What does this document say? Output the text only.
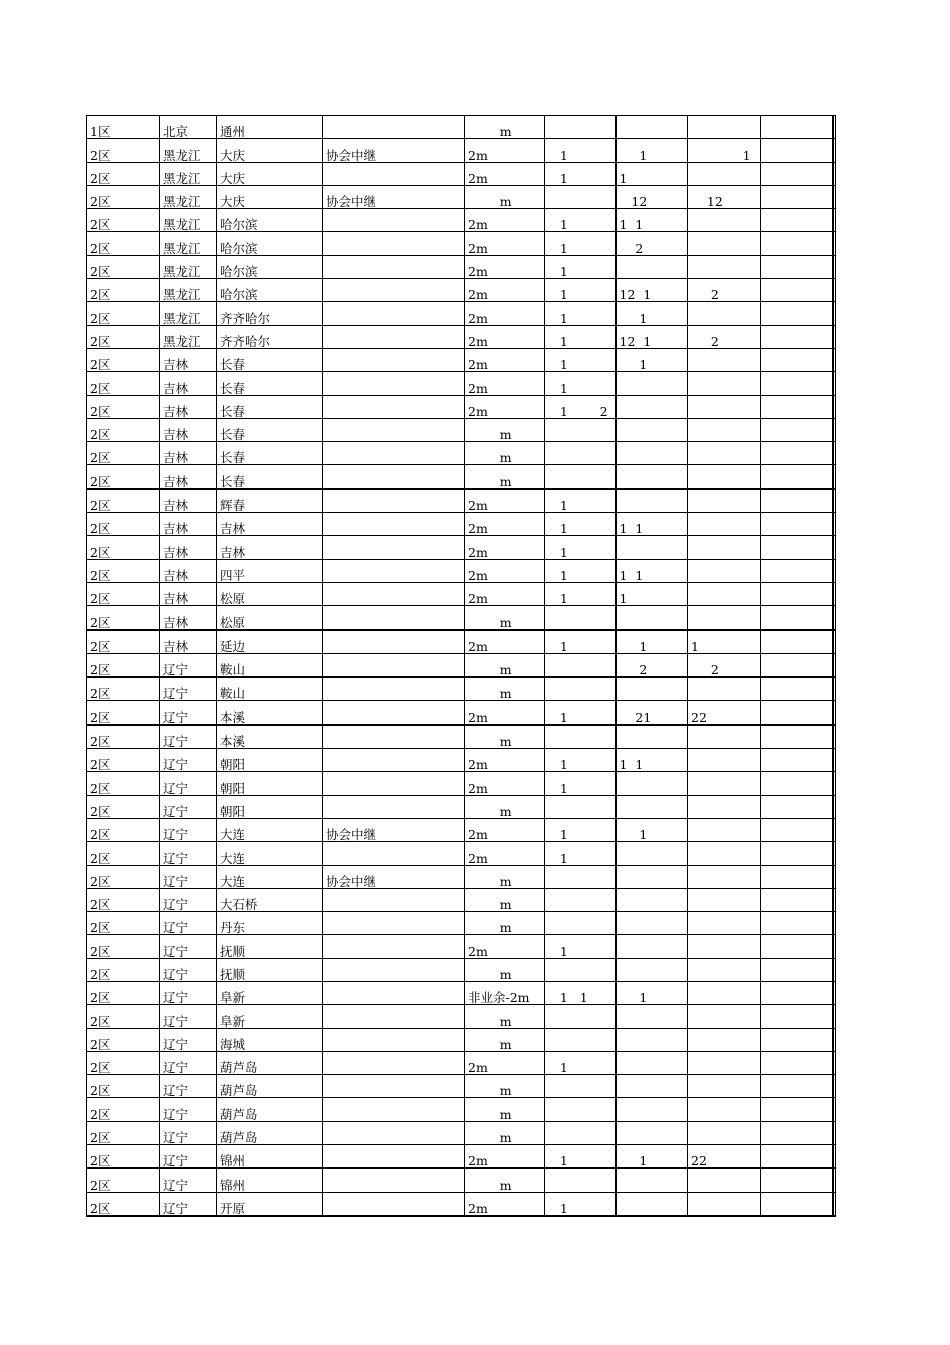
1区	北京	通州		m					
2区	黑龙江	大庆	协会中继	2m	1	1	1		
2区	黑龙江	大庆		2m	1	1			
2区	黑龙江	大庆	协会中继	m		12	12		
2区	黑龙江	哈尔滨		2m	1	1  1			
2区	黑龙江	哈尔滨		2m	1	2			
2区	黑龙江	哈尔滨		2m	1				
2区	黑龙江	哈尔滨		2m	1	12  1	2		
2区	黑龙江	齐齐哈尔		2m	1	1			
2区	黑龙江	齐齐哈尔		2m	1	12  1	2		
2区	吉林	长春		2m	1	1			
2区	吉林	长春		2m	1				
2区	吉林	长春		2m	1        2				
2区	吉林	长春		m					
2区	吉林	长春		m					
2区	吉林	长春		m					
2区	吉林	辉春		2m	1				
2区	吉林	吉林		2m	1	1  1			
2区	吉林	吉林		2m	1				
2区	吉林	四平		2m	1	1  1			
2区	吉林	松原		2m	1	1			
2区	吉林	松原		m					
2区	吉林	延边		2m	1	1	1		
2区	辽宁	鞍山		m		2	2		
2区	辽宁	鞍山		m					
2区	辽宁	本溪		2m	1	21	22		
2区	辽宁	本溪		m					
2区	辽宁	朝阳		2m	1	1  1			
2区	辽宁	朝阳		2m	1				
2区	辽宁	朝阳		m					
2区	辽宁	大连	协会中继	2m	1	1			
2区	辽宁	大连		2m	1				
2区	辽宁	大连	协会中继	m					
2区	辽宁	大石桥		m					
2区	辽宁	丹东		m					
2区	辽宁	抚顺		2m	1				
2区	辽宁	抚顺		m					
2区	辽宁	阜新		非业余-2m	1   1	1			
2区	辽宁	阜新		m					
2区	辽宁	海城		m					
2区	辽宁	葫芦岛		2m	1				
2区	辽宁	葫芦岛		m					
2区	辽宁	葫芦岛		m					
2区	辽宁	葫芦岛		m					
2区	辽宁	锦州		2m	1	1	22		
2区	辽宁	锦州		m					
2区	辽宁	开原		2m	1				
